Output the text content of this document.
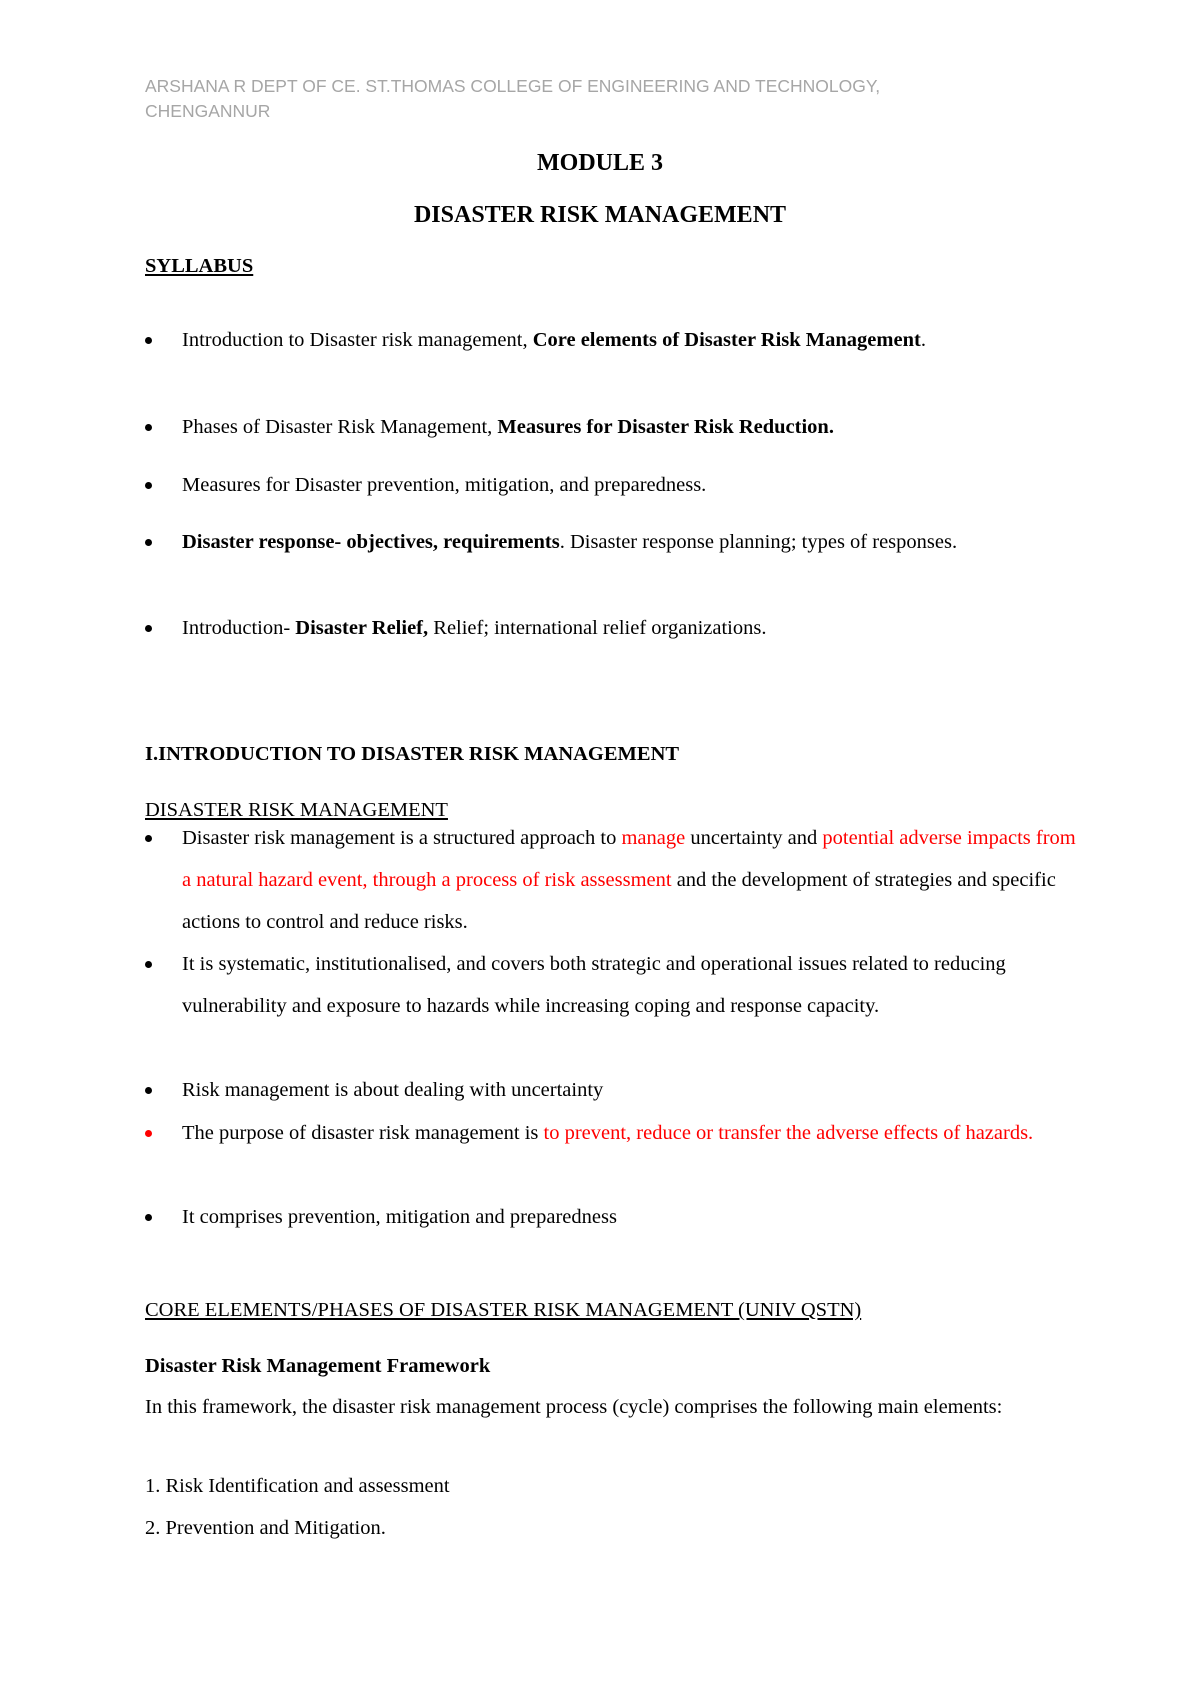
ARSHANA R DEPT OF CE. ST.THOMAS COLLEGE OF ENGINEERING AND TECHNOLOGY,
CHENGANNUR
MODULE 3
DISASTER RISK MANAGEMENT
SYLLABUS
Introduction to Disaster risk management, Core elements of Disaster Risk Management.
Phases of Disaster Risk Management, Measures for Disaster Risk Reduction.
Measures for Disaster prevention, mitigation, and preparedness.
Disaster response- objectives, requirements. Disaster response planning; types of responses.
Introduction- Disaster Relief, Relief; international relief organizations.
I.INTRODUCTION TO DISASTER RISK MANAGEMENT
DISASTER RISK MANAGEMENT
Disaster risk management is a structured approach to manage uncertainty and potential adverse impacts from a natural hazard event, through a process of risk assessment and the development of strategies and specific actions to control and reduce risks.
It is systematic, institutionalised, and covers both strategic and operational issues related to reducing vulnerability and exposure to hazards while increasing coping and response capacity.
Risk management is about dealing with uncertainty
The purpose of disaster risk management is to prevent, reduce or transfer the adverse effects of hazards.
It comprises prevention, mitigation and preparedness
CORE ELEMENTS/PHASES OF DISASTER RISK MANAGEMENT (UNIV QSTN)
Disaster Risk Management Framework
In this framework, the disaster risk management process (cycle) comprises the following main elements:
1. Risk Identification and assessment
2. Prevention and Mitigation.
